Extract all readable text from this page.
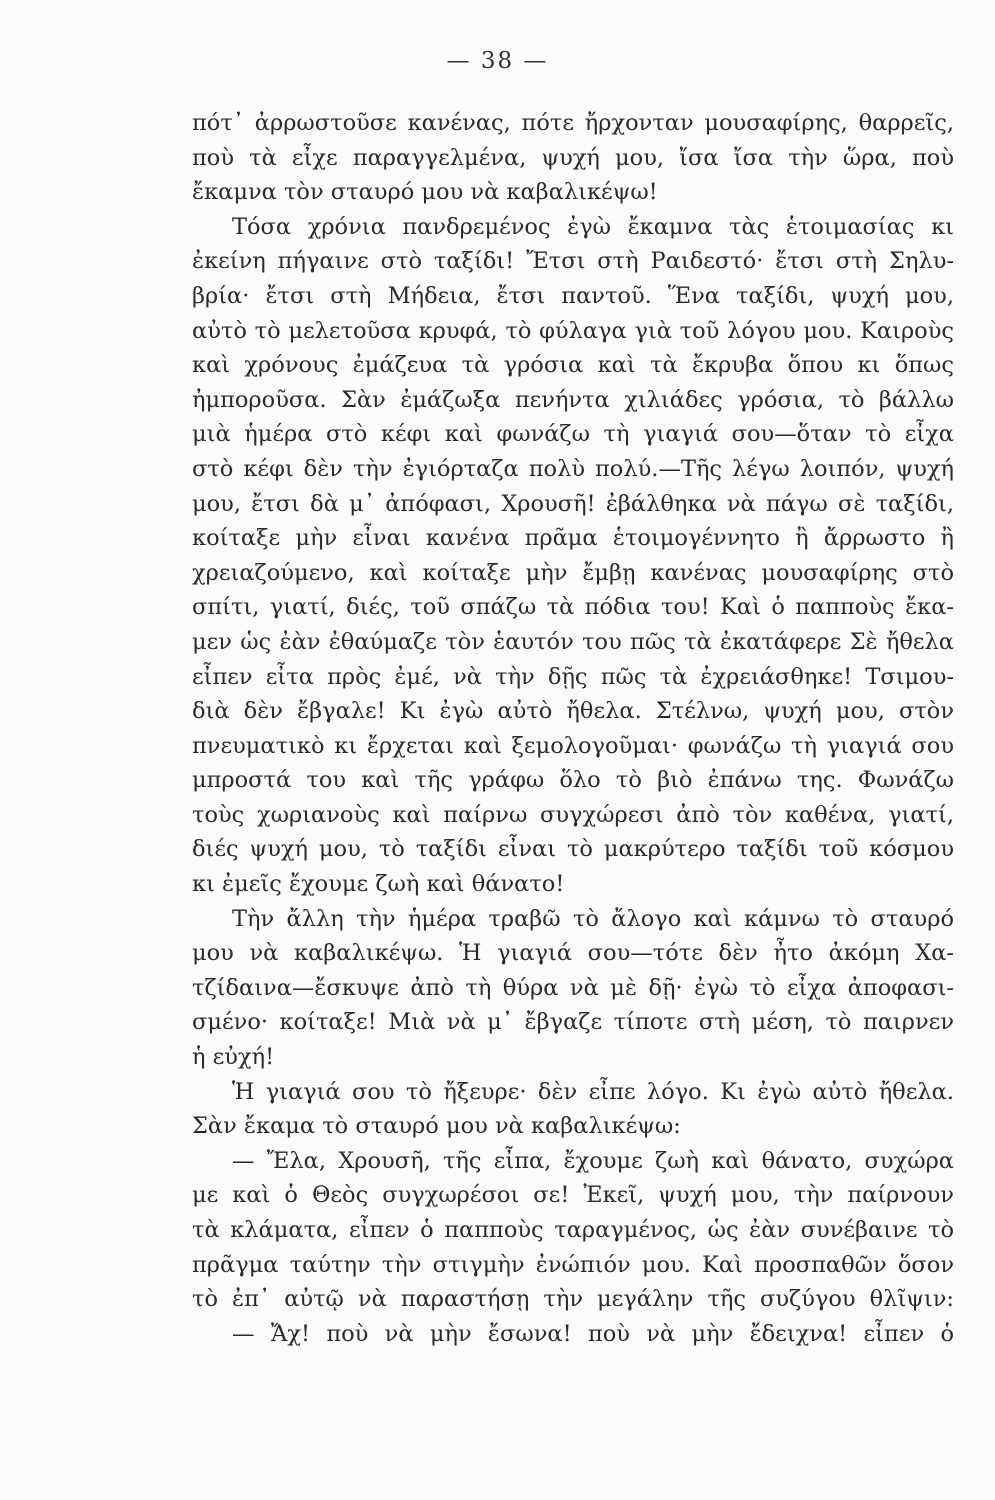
— 38 —
πότ᾿ ἀρρωστοῦσε κανένας, πότε ἤρχονταν μουσαφίρης, θαρρεῖς,
ποὺ τὰ εἶχε παραγγελμένα, ψυχή μου, ἴσα ἴσα τὴν ὥρα, ποὺ
ἔκαμνα τὸν σταυρό μου νὰ καβαλικέψω!
Τόσα χρόνια πανδρεμένος ἐγὼ ἔκαμνα τὰς ἑτοιμασίας κι
ἐκείνη πήγαινε στὸ ταξίδι! Ἔτσι στὴ Ραιδεστό· ἔτσι στὴ Σηλυ-
βρία· ἔτσι στὴ Μήδεια, ἔτσι παντοῦ. Ἕνα ταξίδι, ψυχή μου,
αὐτὸ τὸ μελετοῦσα κρυφά, τὸ φύλαγα γιὰ τοῦ λόγου μου. Καιροὺς
καὶ χρόνους ἐμάζευα τὰ γρόσια καὶ τὰ ἔκρυβα ὅπου κι ὅπως
ἠμποροῦσα. Σὰν ἐμάζωξα πενήντα χιλιάδες γρόσια, τὸ βάλλω
μιὰ ἡμέρα στὸ κέφι καὶ φωνάζω τὴ γιαγιά σου—ὅταν τὸ εἶχα
στὸ κέφι δὲν τὴν ἐγιόρταζα πολὺ πολύ.—Τῆς λέγω λοιπόν, ψυχή
μου, ἔτσι δὰ μ᾿ ἀπόφασι, Χρουσῆ! ἐβάλθηκα νὰ πάγω σὲ ταξίδι,
κοίταξε μὴν εἶναι κανένα πρᾶμα ἑτοιμογέννητο ἢ ἄρρωστο ἢ
χρειαζούμενο, καὶ κοίταξε μὴν ἔμβῃ κανένας μουσαφίρης στὸ
σπίτι, γιατί, διές, τοῦ σπάζω τὰ πόδια του! Καὶ ὁ παπποὺς ἔκα-
μεν ὡς ἐὰν ἐθαύμαζε τὸν ἑαυτόν του πῶς τὰ ἐκατάφερε Σὲ ἤθελα
εἶπεν εἶτα πρὸς ἐμέ, νὰ τὴν δῇς πῶς τὰ ἐχρειάσθηκε! Τσιμου-
διὰ δὲν ἔβγαλε! Κι ἐγὼ αὐτὸ ἤθελα. Στέλνω, ψυχή μου, στὸν
πνευματικὸ κι ἔρχεται καὶ ξεμολογοῦμαι· φωνάζω τὴ γιαγιά σου
μπροστά του καὶ τῆς γράφω ὅλο τὸ βιὸ ἐπάνω της. Φωνάζω
τοὺς χωριανοὺς καὶ παίρνω συγχώρεσι ἀπὸ τὸν καθένα, γιατί,
διές ψυχή μου, τὸ ταξίδι εἶναι τὸ μακρύτερο ταξίδι τοῦ κόσμου
κι ἐμεῖς ἔχουμε ζωὴ καὶ θάνατο!
Τὴν ἄλλη τὴν ἡμέρα τραβῶ τὸ ἄλογο καὶ κάμνω τὸ σταυρό
μου νὰ καβαλικέψω. Ἡ γιαγιά σου—τότε δὲν ἦτο ἀκόμη Χα-
τζίδαινα—ἔσκυψε ἀπὸ τὴ θύρα νὰ μὲ δῇ· ἐγὼ τὸ εἶχα ἀποφασι-
σμένο· κοίταξε! Μιὰ νὰ μ᾿ ἔβγαζε τίποτε στὴ μέση, τὸ παιρνεν
ἡ εὐχή!
Ἡ γιαγιά σου τὸ ἤξευρε· δὲν εἶπε λόγο. Κι ἐγὼ αὐτὸ ἤθελα.
Σὰν ἔκαμα τὸ σταυρό μου νὰ καβαλικέψω:
— Ἔλα, Χρουσῆ, τῆς εἶπα, ἔχουμε ζωὴ καὶ θάνατο, συχώρα
με καὶ ὁ Θεὸς συγχωρέσοι σε! Ἐκεῖ, ψυχή μου, τὴν παίρνουν
τὰ κλάματα, εἶπεν ὁ παπποὺς ταραγμένος, ὡς ἐὰν συνέβαινε τὸ
πρᾶγμα ταύτην τὴν στιγμὴν ἐνώπιόν μου. Καὶ προσπαθῶν ὅσον
τὸ ἐπ᾿ αὐτῷ νὰ παραστήσῃ τὴν μεγάλην τῆς συζύγου θλῖψιν:
— Ἄχ! ποὺ νὰ μὴν ἔσωνα! ποὺ νὰ μὴν ἔδειχνα! εἶπεν ὁ
